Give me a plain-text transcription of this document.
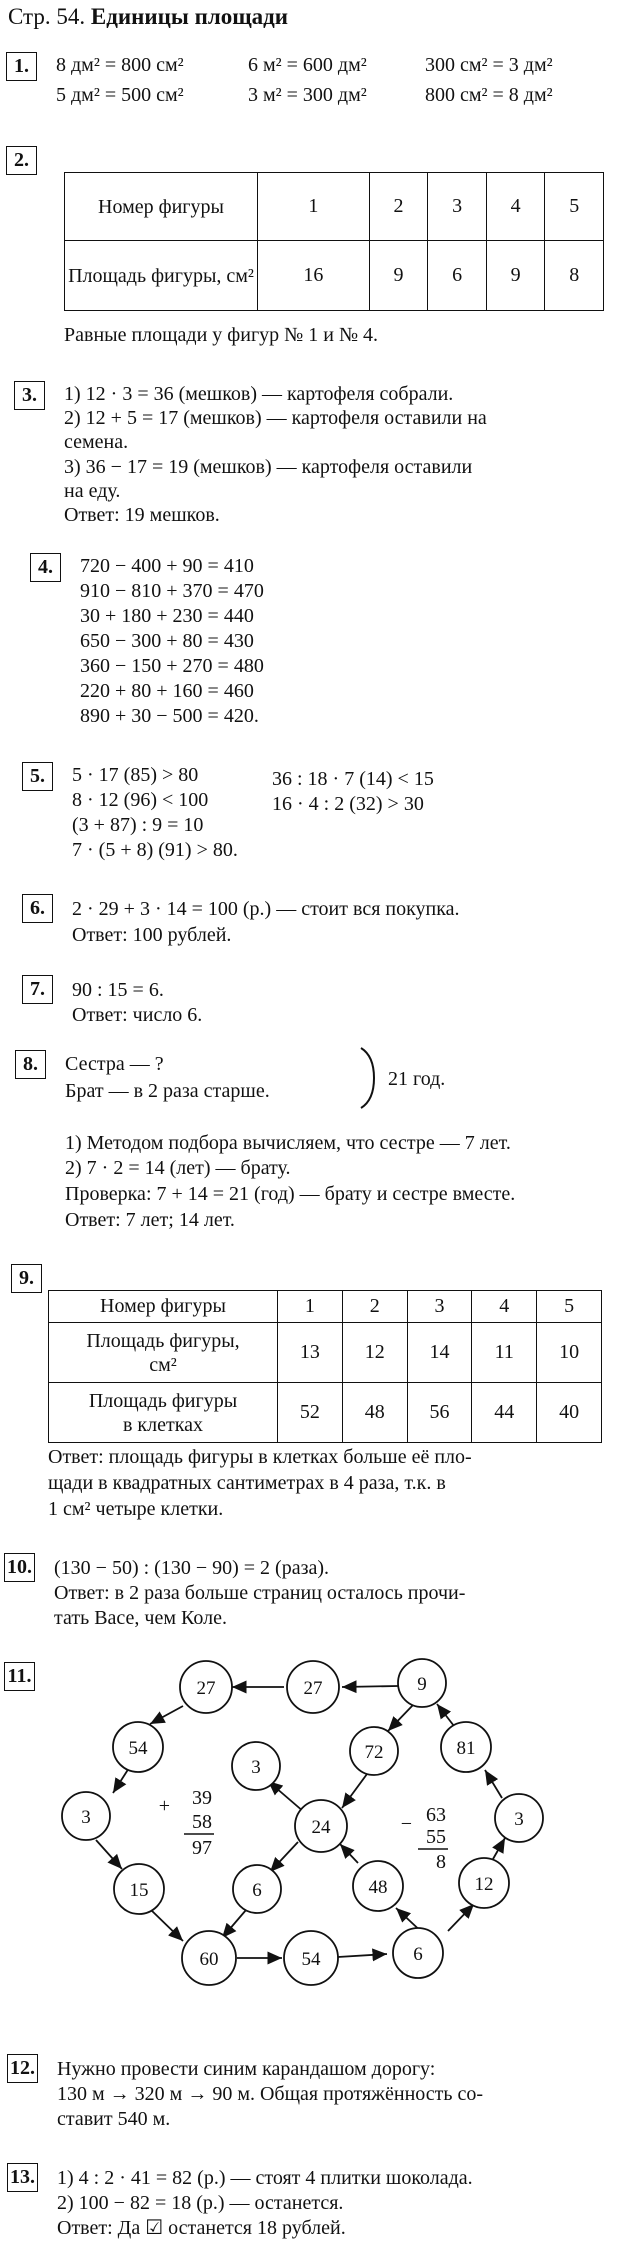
Стр. 54. Единицы площади
1.	8 дм² = 800 см²	6 м² = 600 дм²	300 см² = 3 дм²
5 дм² = 500 см²	3 м² = 300 дм²	800 см² = 8 дм²
2.
Номер фигуры	1	2	3	4	5
Площадь фигуры, см²	16	9	6	9	8
Равные площади у фигур № 1 и № 4.
3.	1) 12 · 3 = 36 (мешков) — картофеля собрали.
2) 12 + 5 = 17 (мешков) — картофеля оставили на
семена.
3) 36 − 17 = 19 (мешков) — картофеля оставили
на еду.
Ответ: 19 мешков.
4.	720 − 400 + 90 = 410
910 − 810 + 370 = 470
30 + 180 + 230 = 440
650 − 300 + 80 = 430
360 − 150 + 270 = 480
220 + 80 + 160 = 460
890 + 30 − 500 = 420.
5.	5 · 17 (85) > 80
8 · 12 (96) < 100
(3 + 87) : 9 = 10
7 · (5 + 8) (91) > 80.
36 : 18 · 7 (14) < 15
16 · 4 : 2 (32) > 30
6.	2 · 29 + 3 · 14 = 100 (р.) — стоит вся покупка.
Ответ: 100 рублей.
7.	90 : 15 = 6.
Ответ: число 6.
8.	Сестра — ?
Брат — в 2 раза старше.
21 год.
1) Методом подбора вычисляем, что сестре — 7 лет.
2) 7 · 2 = 14 (лет) — брату.
Проверка: 7 + 14 = 21 (год) — брату и сестре вместе.
Ответ: 7 лет; 14 лет.
9.
Номер фигуры	1	2	3	4	5

Площадь фигуры,
см²	13	12	14	11	10

Площадь фигуры
в клетках	52	48	56	44	40
Ответ: площадь фигуры в клетках больше её пло-
щади в квадратных сантиметрах в 4 раза, т.к. в
1 см² четыре клетки.
10. (130 − 50) : (130 − 90) = 2 (раза).
Ответ: в 2 раза больше страниц осталось прочи-
тать Васе, чем Коле.
11.
27	27	9
54
3
72	81
3	24	3
15	6	48	12
60	54	6
+ 39
58
97
− 63
55
8
12. Нужно провести синим карандашом дорогу:
130 м → 320 м → 90 м. Общая протяжённость со-
ставит 540 м.
13. 1) 4 : 2 · 41 = 82 (р.) — стоят 4 плитки шоколада.
2) 100 − 82 = 18 (р.) — останется.
Ответ: Да ☑ останется 18 рублей.
